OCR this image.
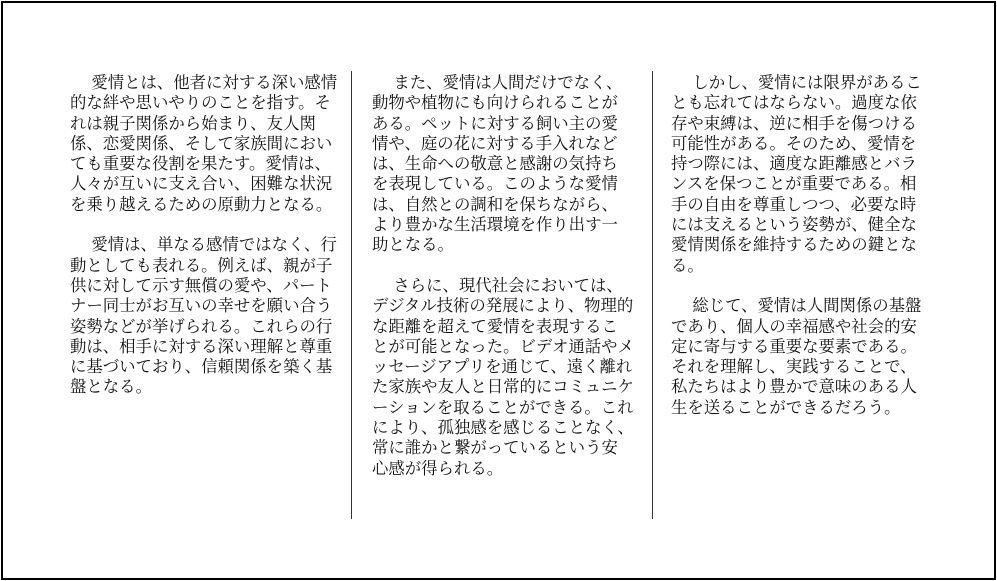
愛情とは、他者に対する深い感情的な絆や思いやりのことを指す。それは親子関係から始まり、友人関係、恋愛関係、そして家族間においても重要な役割を果たす。愛情は、人々が互いに支え合い、困難な状況を乗り越えるための原動力となる。

愛情は、単なる感情ではなく、行動としても表れる。例えば、親が子供に対して示す無償の愛や、パートナー同士がお互いの幸せを願い合う姿勢などが挙げられる。これらの行動は、相手に対する深い理解と尊重に基づいており、信頼関係を築く基盤となる。

また、愛情は人間だけでなく、動物や植物にも向けられることがある。ペットに対する飼い主の愛情や、庭の花に対する手入れなどは、生命への敬意と感謝の気持ちを表現している。このような愛情は、自然との調和を保ちながら、より豊かな生活環境を作り出す一助となる。

さらに、現代社会においては、デジタル技術の発展により、物理的な距離を超えて愛情を表現することが可能となった。ビデオ通話やメッセージアプリを通じて、遠く離れた家族や友人と日常的にコミュニケーションを取ることができる。これにより、孤独感を感じることなく、常に誰かと繋がっているという安心感が得られる。

しかし、愛情には限界があることも忘れてはならない。過度な依存や束縛は、逆に相手を傷つける可能性がある。そのため、愛情を持つ際には、適度な距離感とバランスを保つことが重要である。相手の自由を尊重しつつ、必要な時には支えるという姿勢が、健全な愛情関係を維持するための鍵となる。

総じて、愛情は人間関係の基盤であり、個人の幸福感や社会的安定に寄与する重要な要素である。それを理解し、実践することで、私たちはより豊かで意味のある人生を送ることができるだろう。
